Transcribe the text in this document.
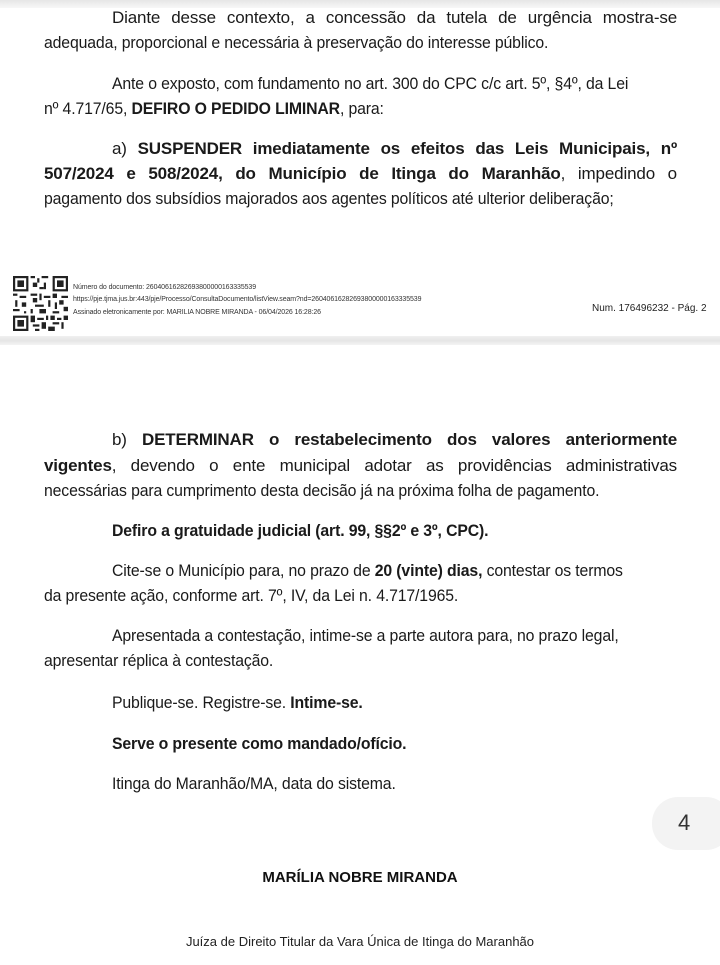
Diante desse contexto, a concessão da tutela de urgência mostra-se
adequada, proporcional e necessária à preservação do interesse público.
Ante o exposto, com fundamento no art. 300 do CPC c/c art. 5º, §4º, da Lei
nº 4.717/65, DEFIRO O PEDIDO LIMINAR, para:
a) SUSPENDER imediatamente os efeitos das Leis Municipais, nº
507/2024 e 508/2024, do Município de Itinga do Maranhão, impedindo o
pagamento dos subsídios majorados aos agentes políticos até ulterior deliberação;
Número do documento: 26040616282693800000163335539
https://pje.tjma.jus.br:443/pje/Processo/ConsultaDocumento/listView.seam?nd=26040616282693800000163335539
Assinado eletronicamente por: MARILIA NOBRE MIRANDA - 06/04/2026 16:28:26	Num. 176496232 - Pág. 2
b) DETERMINAR o restabelecimento dos valores anteriormente
vigentes, devendo o ente municipal adotar as providências administrativas
necessárias para cumprimento desta decisão já na próxima folha de pagamento.
Defiro a gratuidade judicial (art. 99, §§2º e 3º, CPC).
Cite-se o Município para, no prazo de 20 (vinte) dias, contestar os termos
da presente ação, conforme art. 7º, IV, da Lei n. 4.717/1965.
Apresentada a contestação, intime-se a parte autora para, no prazo legal,
apresentar réplica à contestação.
Publique-se. Registre-se. Intime-se.
Serve o presente como mandado/ofício.
Itinga do Maranhão/MA, data do sistema.
4
MARÍLIA NOBRE MIRANDA
Juíza de Direito Titular da Vara Única de Itinga do Maranhão
